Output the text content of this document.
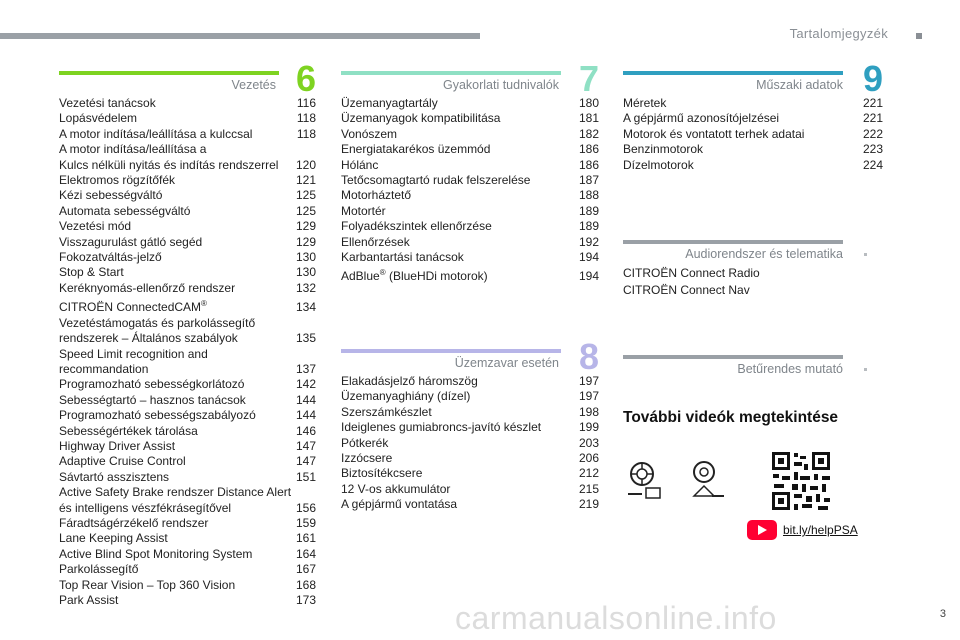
Tartalomjegyzék
Vezetés 6
Vezetési tanácsok	116
Lopásvédelem	118
A motor indítása/leállítása a kulccsal	118
A motor indítása/leállítása a
Kulcs nélküli nyitás és indítás rendszerrel	120
Elektromos rögzítőfék	121
Kézi sebességváltó	125
Automata sebességváltó	125
Vezetési mód	129
Visszagurulást gátló segéd	129
Fokozatváltás-jelző	130
Stop & Start	130
Keréknyomás-ellenőrző rendszer	132
CITROËN ConnectedCAM®	134
Vezetéstámogatás és parkolássegítő
rendszerek – Általános szabályok	135
Speed Limit recognition and
recommandation	137
Programozható sebességkorlátozó	142
Sebességtartó – hasznos tanácsok	144
Programozható sebességszabályozó	144
Sebességértékek tárolása	146
Highway Driver Assist	147
Adaptive Cruise Control	147
Sávtartó asszisztens	151
Active Safety Brake rendszer Distance Alert
és intelligens vészfékrásegítővel	156
Fáradtságérzékelő rendszer	159
Lane Keeping Assist	161
Active Blind Spot Monitoring System	164
Parkolássegítő	167
Top Rear Vision – Top 360 Vision	168
Park Assist	173
Gyakorlati tudnivalók 7
Üzemanyagtartály	180
Üzemanyagok kompatibilitása	181
Vonószem	182
Energiatakarékos üzemmód	186
Hólánc	186
Tetőcsomagtartó rudak felszerelése	187
Motorháztető	188
Motortér	189
Folyadékszintek ellenőrzése	189
Ellenőrzések	192
Karbantartási tanácsok	194
AdBlue® (BlueHDi motorok)	194
Üzemzavar esetén 8
Elakadásjelző háromszög	197
Üzemanyaghiány (dízel)	197
Szerszámkészlet	198
Ideiglenes gumiabroncs-javító készlet	199
Pótkerék	203
Izzócsere	206
Biztosítékcsere	212
12 V-os akkumulátor	215
A gépjármű vontatása	219
Műszaki adatok 9
Méretek	221
A gépjármű azonosítójelzései	221
Motorok és vontatott terhek adatai	222
Benzinmotorok	223
Dízelmotorok	224
Audiorendszer és telematika
CITROËN Connect Radio
CITROËN Connect Nav
Betűrendes mutató
További videók megtekintése
bit.ly/helpPSA
carmanualsonline.info	3
